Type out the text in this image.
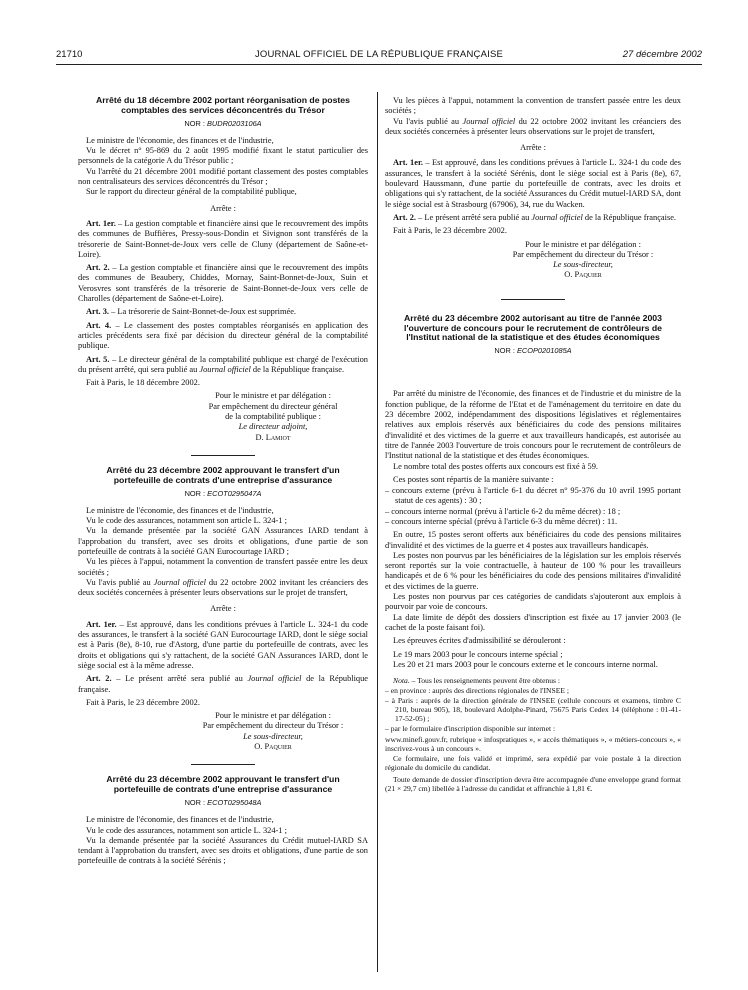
21710	JOURNAL OFFICIEL DE LA RÉPUBLIQUE FRANÇAISE	27 décembre 2002
Arrêté du 18 décembre 2002 portant réorganisation de postes comptables des services déconcentrés du Trésor
NOR : BUDR0203106A

Le ministre de l'économie, des finances et de l'industrie,

Vu le décret n° 95-869 du 2 août 1995 modifié fixant le statut particulier des personnels de la catégorie A du Trésor public ;

Vu l'arrêté du 21 décembre 2001 modifié portant classement des postes comptables non centralisateurs des services déconcentrés du Trésor ;

Sur le rapport du directeur général de la comptabilité publique,

Arrête :

Art. 1er. – La gestion comptable et financière ainsi que le recouvrement des impôts des communes de Buffières, Pressy-sous-Dondin et Sivignon sont transférés de la trésorerie de Saint-Bonnet-de-Joux vers celle de Cluny (département de Saône-et-Loire).

Art. 2. – La gestion comptable et financière ainsi que le recouvrement des impôts des communes de Beaubery, Chiddes, Mornay, Saint-Bonnet-de-Joux, Suin et Verosvres sont transférés de la trésorerie de Saint-Bonnet-de-Joux vers celle de Charolles (département de Saône-et-Loire).

Art. 3. – La trésorerie de Saint-Bonnet-de-Joux est supprimée.

Art. 4. – Le classement des postes comptables réorganisés en application des articles précédents sera fixé par décision du directeur général de la comptabilité publique.

Art. 5. – Le directeur général de la comptabilité publique est chargé de l'exécution du présent arrêté, qui sera publié au Journal officiel de la République française.

Fait à Paris, le 18 décembre 2002.

Pour le ministre et par délégation :
Par empêchement du directeur général
de la comptabilité publique :
Le directeur adjoint,
D. Lamiot
Arrêté du 23 décembre 2002 approuvant le transfert d'un portefeuille de contrats d'une entreprise d'assurance
NOR : ECOT0295047A

Le ministre de l'économie, des finances et de l'industrie,

Vu le code des assurances, notamment son article L. 324-1 ;

Vu la demande présentée par la société GAN Assurances IARD tendant à l'approbation du transfert, avec ses droits et obligations, d'une partie de son portefeuille de contrats à la société GAN Eurocourtage IARD ;

Vu les pièces à l'appui, notamment la convention de transfert passée entre les deux sociétés ;

Vu l'avis publié au Journal officiel du 22 octobre 2002 invitant les créanciers des deux sociétés concernées à présenter leurs observations sur le projet de transfert,

Arrête :

Art. 1er. – Est approuvé, dans les conditions prévues à l'article L. 324-1 du code des assurances, le transfert à la société GAN Eurocourtage IARD, dont le siège social est à Paris (8e), 8-10, rue d'Astorg, d'une partie du portefeuille de contrats, avec les droits et obligations qui s'y rattachent, de la société GAN Assurances IARD, dont le siège social est à la même adresse.

Art. 2. – Le présent arrêté sera publié au Journal officiel de la République française.

Fait à Paris, le 23 décembre 2002.

Pour le ministre et par délégation :
Par empêchement du directeur du Trésor :
Le sous-directeur,
O. Paquier
Arrêté du 23 décembre 2002 approuvant le transfert d'un portefeuille de contrats d'une entreprise d'assurance
NOR : ECOT0295048A

Le ministre de l'économie, des finances et de l'industrie,

Vu le code des assurances, notamment son article L. 324-1 ;

Vu la demande présentée par la société Assurances du Crédit mutuel-IARD SA tendant à l'approbation du transfert, avec ses droits et obligations, d'une partie de son portefeuille de contrats à la société Sérénis ;

Vu les pièces à l'appui, notamment la convention de transfert passée entre les deux sociétés ;

Vu l'avis publié au Journal officiel du 22 octobre 2002 invitant les créanciers des deux sociétés concernées à présenter leurs observations sur le projet de transfert,

Arrête :

Art. 1er. – Est approuvé, dans les conditions prévues à l'article L. 324-1 du code des assurances, le transfert à la société Sérénis, dont le siège social est à Paris (8e), 67, boulevard Haussmann, d'une partie du portefeuille de contrats, avec les droits et obligations qui s'y rattachent, de la société Assurances du Crédit mutuel-IARD SA, dont le siège social est à Strasbourg (67906), 34, rue du Wacken.

Art. 2. – Le présent arrêté sera publié au Journal officiel de la République française.

Fait à Paris, le 23 décembre 2002.

Pour le ministre et par délégation :
Par empêchement du directeur du Trésor :
Le sous-directeur,
O. Paquier
Arrêté du 23 décembre 2002 autorisant au titre de l'année 2003 l'ouverture de concours pour le recrutement de contrôleurs de l'Institut national de la statistique et des études économiques
NOR : ECOP0201085A

Par arrêté du ministre de l'économie, des finances et de l'industrie et du ministre de la fonction publique, de la réforme de l'Etat et de l'aménagement du territoire en date du 23 décembre 2002, indépendamment des dispositions législatives et réglementaires relatives aux emplois réservés aux bénéficiaires du code des pensions militaires d'invalidité et des victimes de la guerre et aux travailleurs handicapés, est autorisée au titre de l'année 2003 l'ouverture de trois concours pour le recrutement de contrôleurs de l'Institut national de la statistique et des études économiques.

Le nombre total des postes offerts aux concours est fixé à 59.

Ces postes sont répartis de la manière suivante :

– concours externe (prévu à l'article 6-1 du décret n° 95-376 du 10 avril 1995 portant statut de ces agents) : 30 ;
– concours interne normal (prévu à l'article 6-2 du même décret) : 18 ;
– concours interne spécial (prévu à l'article 6-3 du même décret) : 11.

En outre, 15 postes seront offerts aux bénéficiaires du code des pensions militaires d'invalidité et des victimes de la guerre et 4 postes aux travailleurs handicapés.

Les postes non pourvus par les bénéficiaires de la législation sur les emplois réservés seront reportés sur la voie contractuelle, à hauteur de 100 % pour les travailleurs handicapés et de 6 % pour les bénéficiaires du code des pensions militaires d'invalidité et des victimes de la guerre.

Les postes non pourvus par ces catégories de candidats s'ajouteront aux emplois à pourvoir par voie de concours.

La date limite de dépôt des dossiers d'inscription est fixée au 17 janvier 2003 (le cachet de la poste faisant foi).

Les épreuves écrites d'admissibilité se dérouleront :

Le 19 mars 2003 pour le concours interne spécial ;

Les 20 et 21 mars 2003 pour le concours externe et le concours interne normal.

Nota. – Tous les renseignements peuvent être obtenus :

– en province : auprès des directions régionales de l'INSEE ;
– à Paris : auprès de la direction générale de l'INSEE (cellule concours et examens, timbre C 210, bureau 905), 18, boulevard Adolphe-Pinard, 75675 Paris Cedex 14 (téléphone : 01-41-17-52-05) ;
– par le formulaire d'inscription disponible sur internet :

www.minefi.gouv.fr, rubrique « infospratiques », « accès thématiques », « métiers-concours », « inscrivez-vous à un concours ».

Ce formulaire, une fois validé et imprimé, sera expédié par voie postale à la direction régionale du domicile du candidat.

Toute demande de dossier d'inscription devra être accompagnée d'une enveloppe grand format (21 × 29,7 cm) libellée à l'adresse du candidat et affranchie à 1,81 €.
